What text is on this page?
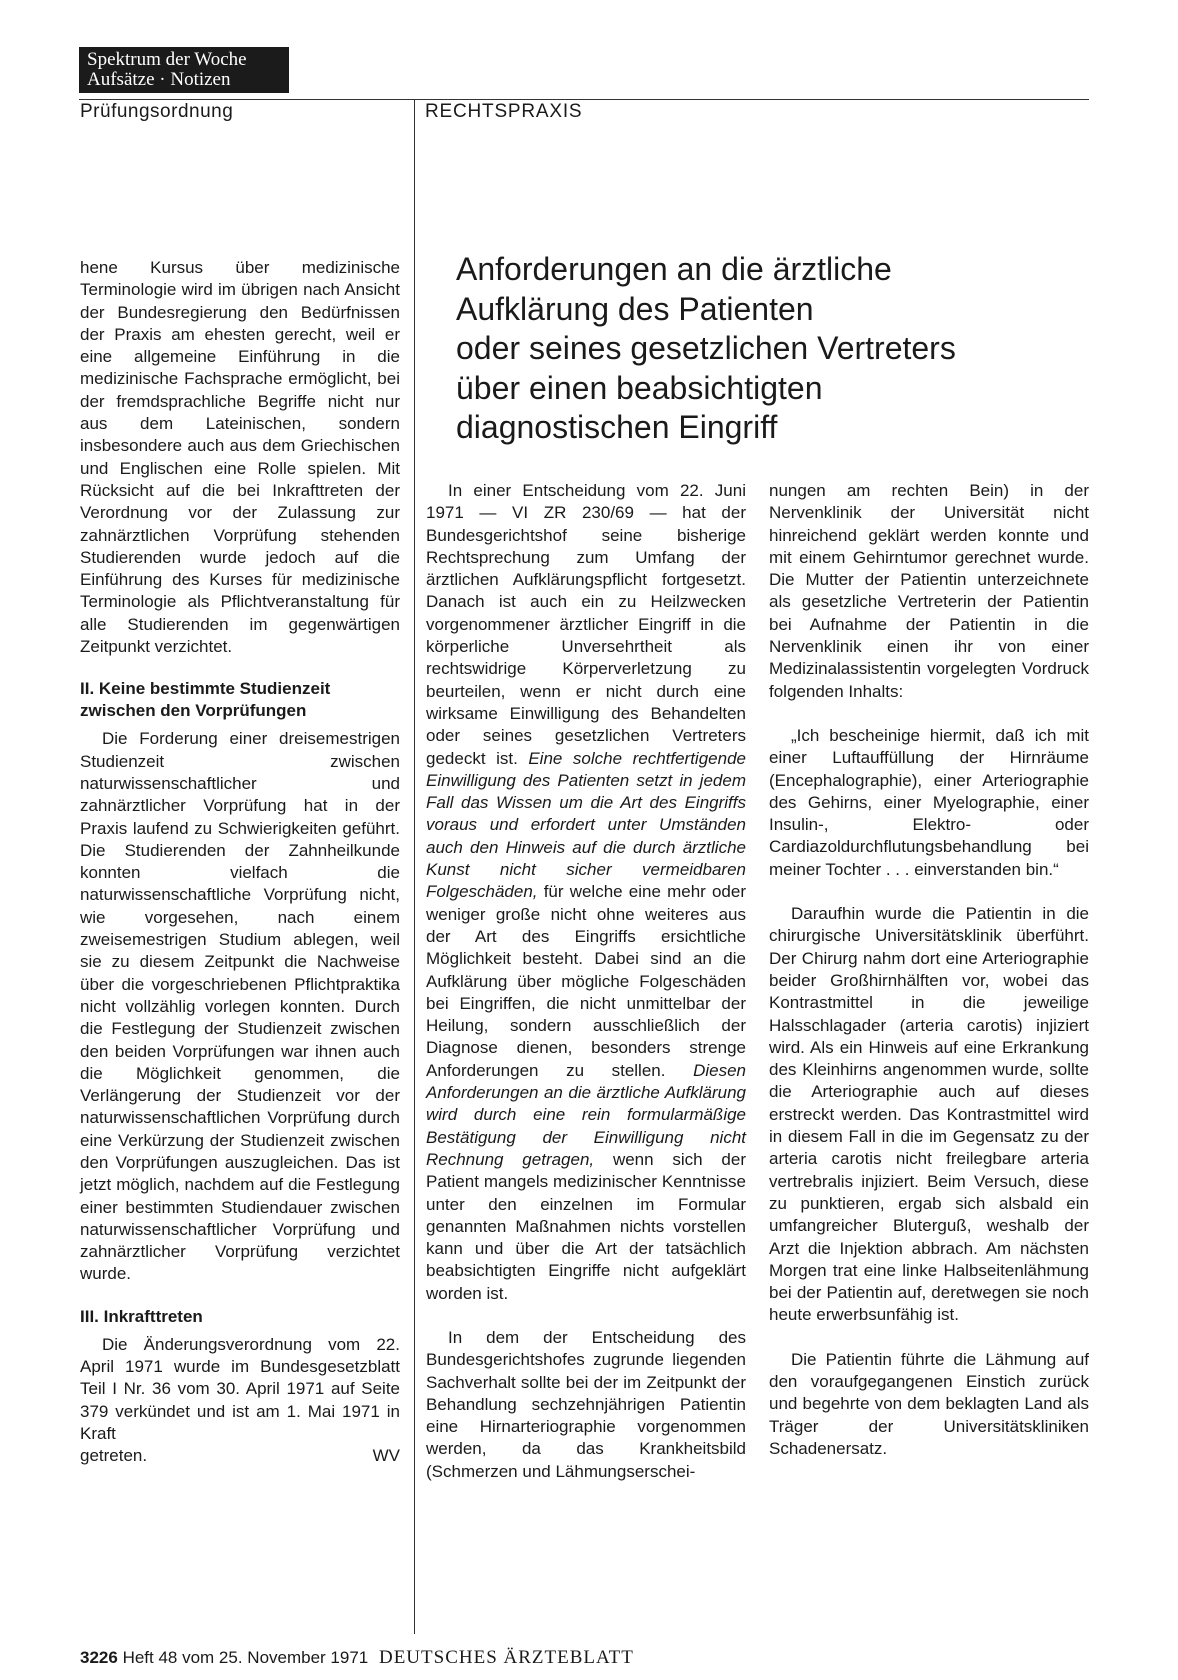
Spektrum der Woche
Aufsätze · Notizen
Prüfungsordnung	RECHTSPRAXIS

hene Kursus über medizinische Terminologie wird im übrigen nach Ansicht der Bundesregierung den Bedürfnissen der Praxis am ehesten gerecht, weil er eine allgemeine Einführung in die medizinische Fachsprache ermöglicht, bei der fremdsprachliche Begriffe nicht nur aus dem Lateinischen, sondern insbesondere auch aus dem Griechischen und Englischen eine Rolle spielen. Mit Rücksicht auf die bei Inkrafttreten der Verordnung vor der Zulassung zur zahnärztlichen Vorprüfung stehenden Studierenden wurde jedoch auf die Einführung des Kurses für medizinische Terminologie als Pflichtveranstaltung für alle Studierenden im gegenwärtigen Zeitpunkt verzichtet.

II. Keine bestimmte Studienzeit zwischen den Vorprüfungen

Die Forderung einer dreisemestrigen Studienzeit zwischen naturwissenschaftlicher und zahnärztlicher Vorprüfung hat in der Praxis laufend zu Schwierigkeiten geführt. Die Studierenden der Zahnheilkunde konnten vielfach die naturwissenschaftliche Vorprüfung nicht, wie vorgesehen, nach einem zweisemestrigen Studium ablegen, weil sie zu diesem Zeitpunkt die Nachweise über die vorgeschriebenen Pflichtpraktika nicht vollzählig vorlegen konnten. Durch die Festlegung der Studienzeit zwischen den beiden Vorprüfungen war ihnen auch die Möglichkeit genommen, die Verlängerung der Studienzeit vor der naturwissenschaftlichen Vorprüfung durch eine Verkürzung der Studienzeit zwischen den Vorprüfungen auszugleichen. Das ist jetzt möglich, nachdem auf die Festlegung einer bestimmten Studiendauer zwischen naturwissenschaftlicher Vorprüfung und zahnärztlicher Vorprüfung verzichtet wurde.

III. Inkrafttreten

Die Änderungsverordnung vom 22. April 1971 wurde im Bundesgesetzblatt Teil I Nr. 36 vom 30. April 1971 auf Seite 379 verkündet und ist am 1. Mai 1971 in Kraft

getreten.	WV

Anforderungen an die ärztliche
Aufklärung des Patienten
oder seines gesetzlichen Vertreters
über einen beabsichtigten
diagnostischen Eingriff

In einer Entscheidung vom 22. Juni 1971 — VI ZR 230/69 — hat der Bundesgerichtshof seine bisherige Rechtsprechung zum Umfang der ärztlichen Aufklärungspflicht fortgesetzt. Danach ist auch ein zu Heilzwecken vorgenommener ärztlicher Eingriff in die körperliche Unversehrtheit als rechtswidrige Körperverletzung zu beurteilen, wenn er nicht durch eine wirksame Einwilligung des Behandelten oder seines gesetzlichen Vertreters gedeckt ist. Eine solche rechtfertigende Einwilligung des Patienten setzt in jedem Fall das Wissen um die Art des Eingriffs voraus und erfordert unter Umständen auch den Hinweis auf die durch ärztliche Kunst nicht sicher vermeidbaren Folgeschäden, für welche eine mehr oder weniger große nicht ohne weiteres aus der Art des Eingriffs ersichtliche Möglichkeit besteht. Dabei sind an die Aufklärung über mögliche Folgeschäden bei Eingriffen, die nicht unmittelbar der Heilung, sondern ausschließlich der Diagnose dienen, besonders strenge Anforderungen zu stellen. Diesen Anforderungen an die ärztliche Aufklärung wird durch eine rein formularmäßige Bestätigung der Einwilligung nicht Rechnung getragen, wenn sich der Patient mangels medizinischer Kenntnisse unter den einzelnen im Formular genannten Maßnahmen nichts vorstellen kann und über die Art der tatsächlich beabsichtigten Eingriffe nicht aufgeklärt worden ist.

In dem der Entscheidung des Bundesgerichtshofes zugrunde liegenden Sachverhalt sollte bei der im Zeitpunkt der Behandlung sechzehnjährigen Patientin eine Hirnarteriographie vorgenommen werden, da das Krankheitsbild (Schmerzen und Lähmungserschei-

nungen am rechten Bein) in der Nervenklinik der Universität nicht hinreichend geklärt werden konnte und mit einem Gehirntumor gerechnet wurde. Die Mutter der Patientin unterzeichnete als gesetzliche Vertreterin der Patientin bei Aufnahme der Patientin in die Nervenklinik einen ihr von einer Medizinalassistentin vorgelegten Vordruck folgenden Inhalts:

„Ich bescheinige hiermit, daß ich mit einer Luftauffüllung der Hirnräume (Encephalographie), einer Arteriographie des Gehirns, einer Myelographie, einer Insulin-, Elektro- oder Cardiazoldurchflutungsbehandlung bei meiner Tochter . . . einverstanden bin.“

Daraufhin wurde die Patientin in die chirurgische Universitätsklinik überführt. Der Chirurg nahm dort eine Arteriographie beider Großhirnhälften vor, wobei das Kontrastmittel in die jeweilige Halsschlagader (arteria carotis) injiziert wird. Als ein Hinweis auf eine Erkrankung des Kleinhirns angenommen wurde, sollte die Arteriographie auch auf dieses erstreckt werden. Das Kontrastmittel wird in diesem Fall in die im Gegensatz zu der arteria carotis nicht freilegbare arteria vertrebralis injiziert. Beim Versuch, diese zu punktieren, ergab sich alsbald ein umfangreicher Bluterguß, weshalb der Arzt die Injektion abbrach. Am nächsten Morgen trat eine linke Halbseitenlähmung bei der Patientin auf, deretwegen sie noch heute erwerbsunfähig ist.

Die Patientin führte die Lähmung auf den voraufgegangenen Einstich zurück und begehrte von dem beklagten Land als Träger der Universitätskliniken Schadenersatz.

3226 Heft 48 vom 25. November 1971 DEUTSCHES ÄRZTEBLATT
